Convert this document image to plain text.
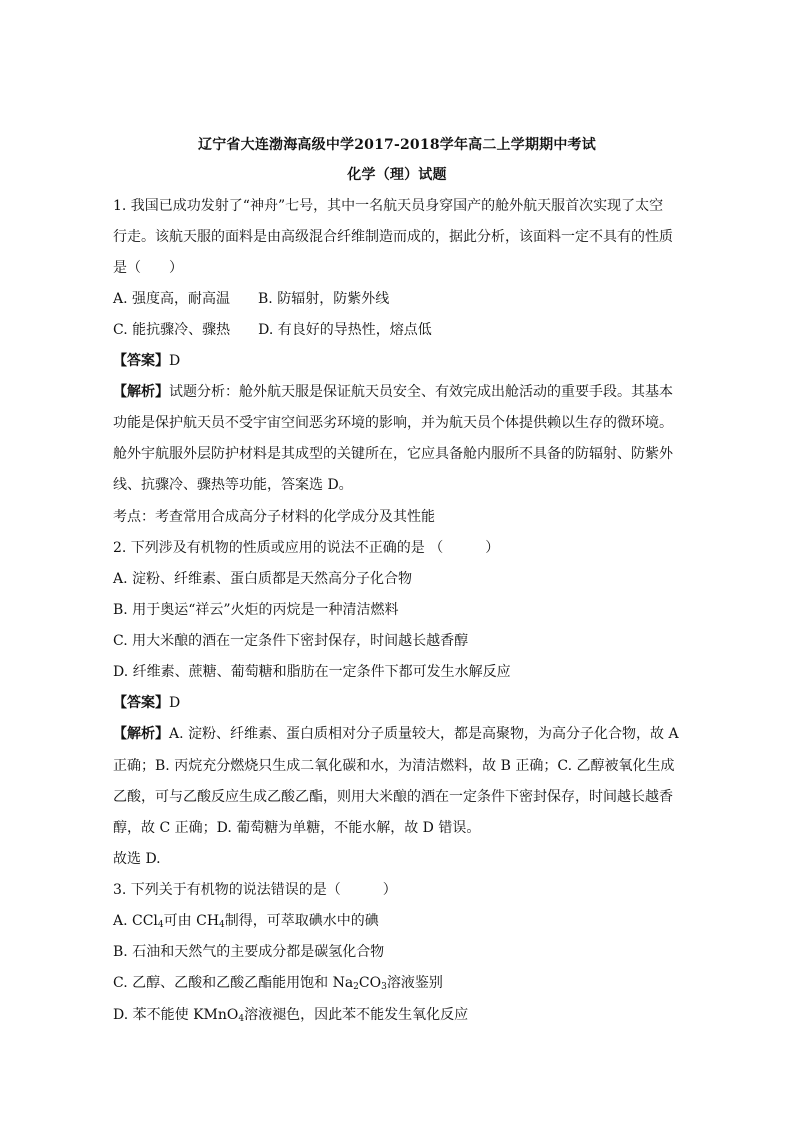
辽宁省大连渤海高级中学2017-2018学年高二上学期期中考试
化学（理）试题
1. 我国已成功发射了“神舟”七号，其中一名航天员身穿国产的舱外航天服首次实现了太空
行走。该航天服的面料是由高级混合纤维制造而成的，据此分析，该面料一定不具有的性质
是（　　）
A. 强度高，耐高温　　B. 防辐射，防紫外线
C. 能抗骤冷、骤热　　D. 有良好的导热性，熔点低
【答案】D
【解析】试题分析：舱外航天服是保证航天员安全、有效完成出舱活动的重要手段。其基本
功能是保护航天员不受宇宙空间恶劣环境的影响，并为航天员个体提供赖以生存的微环境。
舱外宇航服外层防护材料是其成型的关键所在，它应具备舱内服所不具备的防辐射、防紫外
线、抗骤冷、骤热等功能，答案选 D。
考点：考查常用合成高分子材料的化学成分及其性能
2. 下列涉及有机物的性质或应用的说法不正确的是 （　　　）
A. 淀粉、纤维素、蛋白质都是天然高分子化合物
B. 用于奥运“祥云”火炬的丙烷是一种清洁燃料
C. 用大米酿的酒在一定条件下密封保存，时间越长越香醇
D. 纤维素、蔗糖、葡萄糖和脂肪在一定条件下都可发生水解反应
【答案】D
【解析】A. 淀粉、纤维素、蛋白质相对分子质量较大，都是高聚物，为高分子化合物，故 A
正确；B. 丙烷充分燃烧只生成二氧化碳和水，为清洁燃料，故 B 正确；C. 乙醇被氧化生成
乙酸，可与乙酸反应生成乙酸乙酯，则用大米酿的酒在一定条件下密封保存，时间越长越香
醇，故 C 正确；D. 葡萄糖为单糖，不能水解，故 D 错误。
故选 D.
3. 下列关于有机物的说法错误的是（　　　）
A. CCl$_4$可由 $CH_4$制得，可萃取碘水中的碘
B. 石油和天然气的主要成分都是碳氢化合物
C. 乙醇、乙酸和乙酸乙酯能用饱和 $Na_2CO_3$溶液鉴别
D. 苯不能使 KMnO$_4$溶液褪色，因此苯不能发生氧化反应
